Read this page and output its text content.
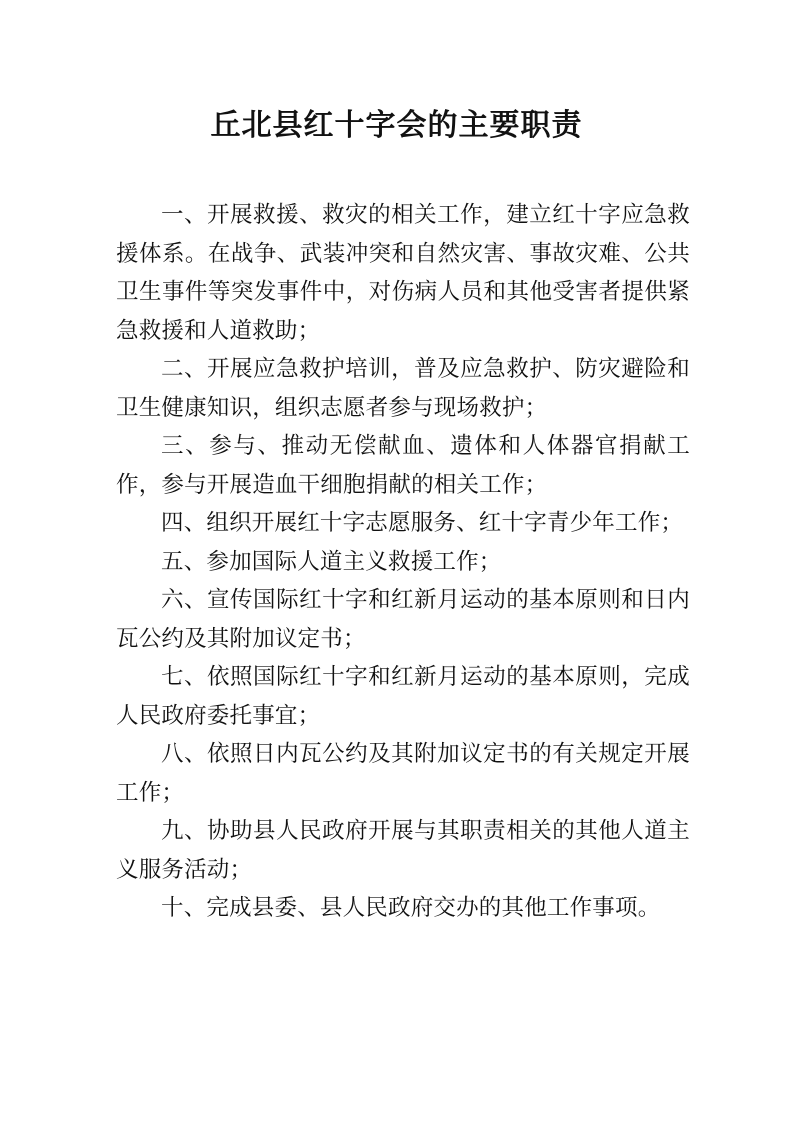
丘北县红十字会的主要职责

一、开展救援、救灾的相关工作，建立红十字应急救援体系。在战争、武装冲突和自然灾害、事故灾难、公共卫生事件等突发事件中，对伤病人员和其他受害者提供紧急救援和人道救助；

二、开展应急救护培训，普及应急救护、防灾避险和卫生健康知识，组织志愿者参与现场救护；

三、参与、推动无偿献血、遗体和人体器官捐献工作，参与开展造血干细胞捐献的相关工作；

四、组织开展红十字志愿服务、红十字青少年工作；

五、参加国际人道主义救援工作；

六、宣传国际红十字和红新月运动的基本原则和日内瓦公约及其附加议定书；

七、依照国际红十字和红新月运动的基本原则，完成人民政府委托事宜；

八、依照日内瓦公约及其附加议定书的有关规定开展工作；

九、协助县人民政府开展与其职责相关的其他人道主义服务活动；

十、完成县委、县人民政府交办的其他工作事项。
